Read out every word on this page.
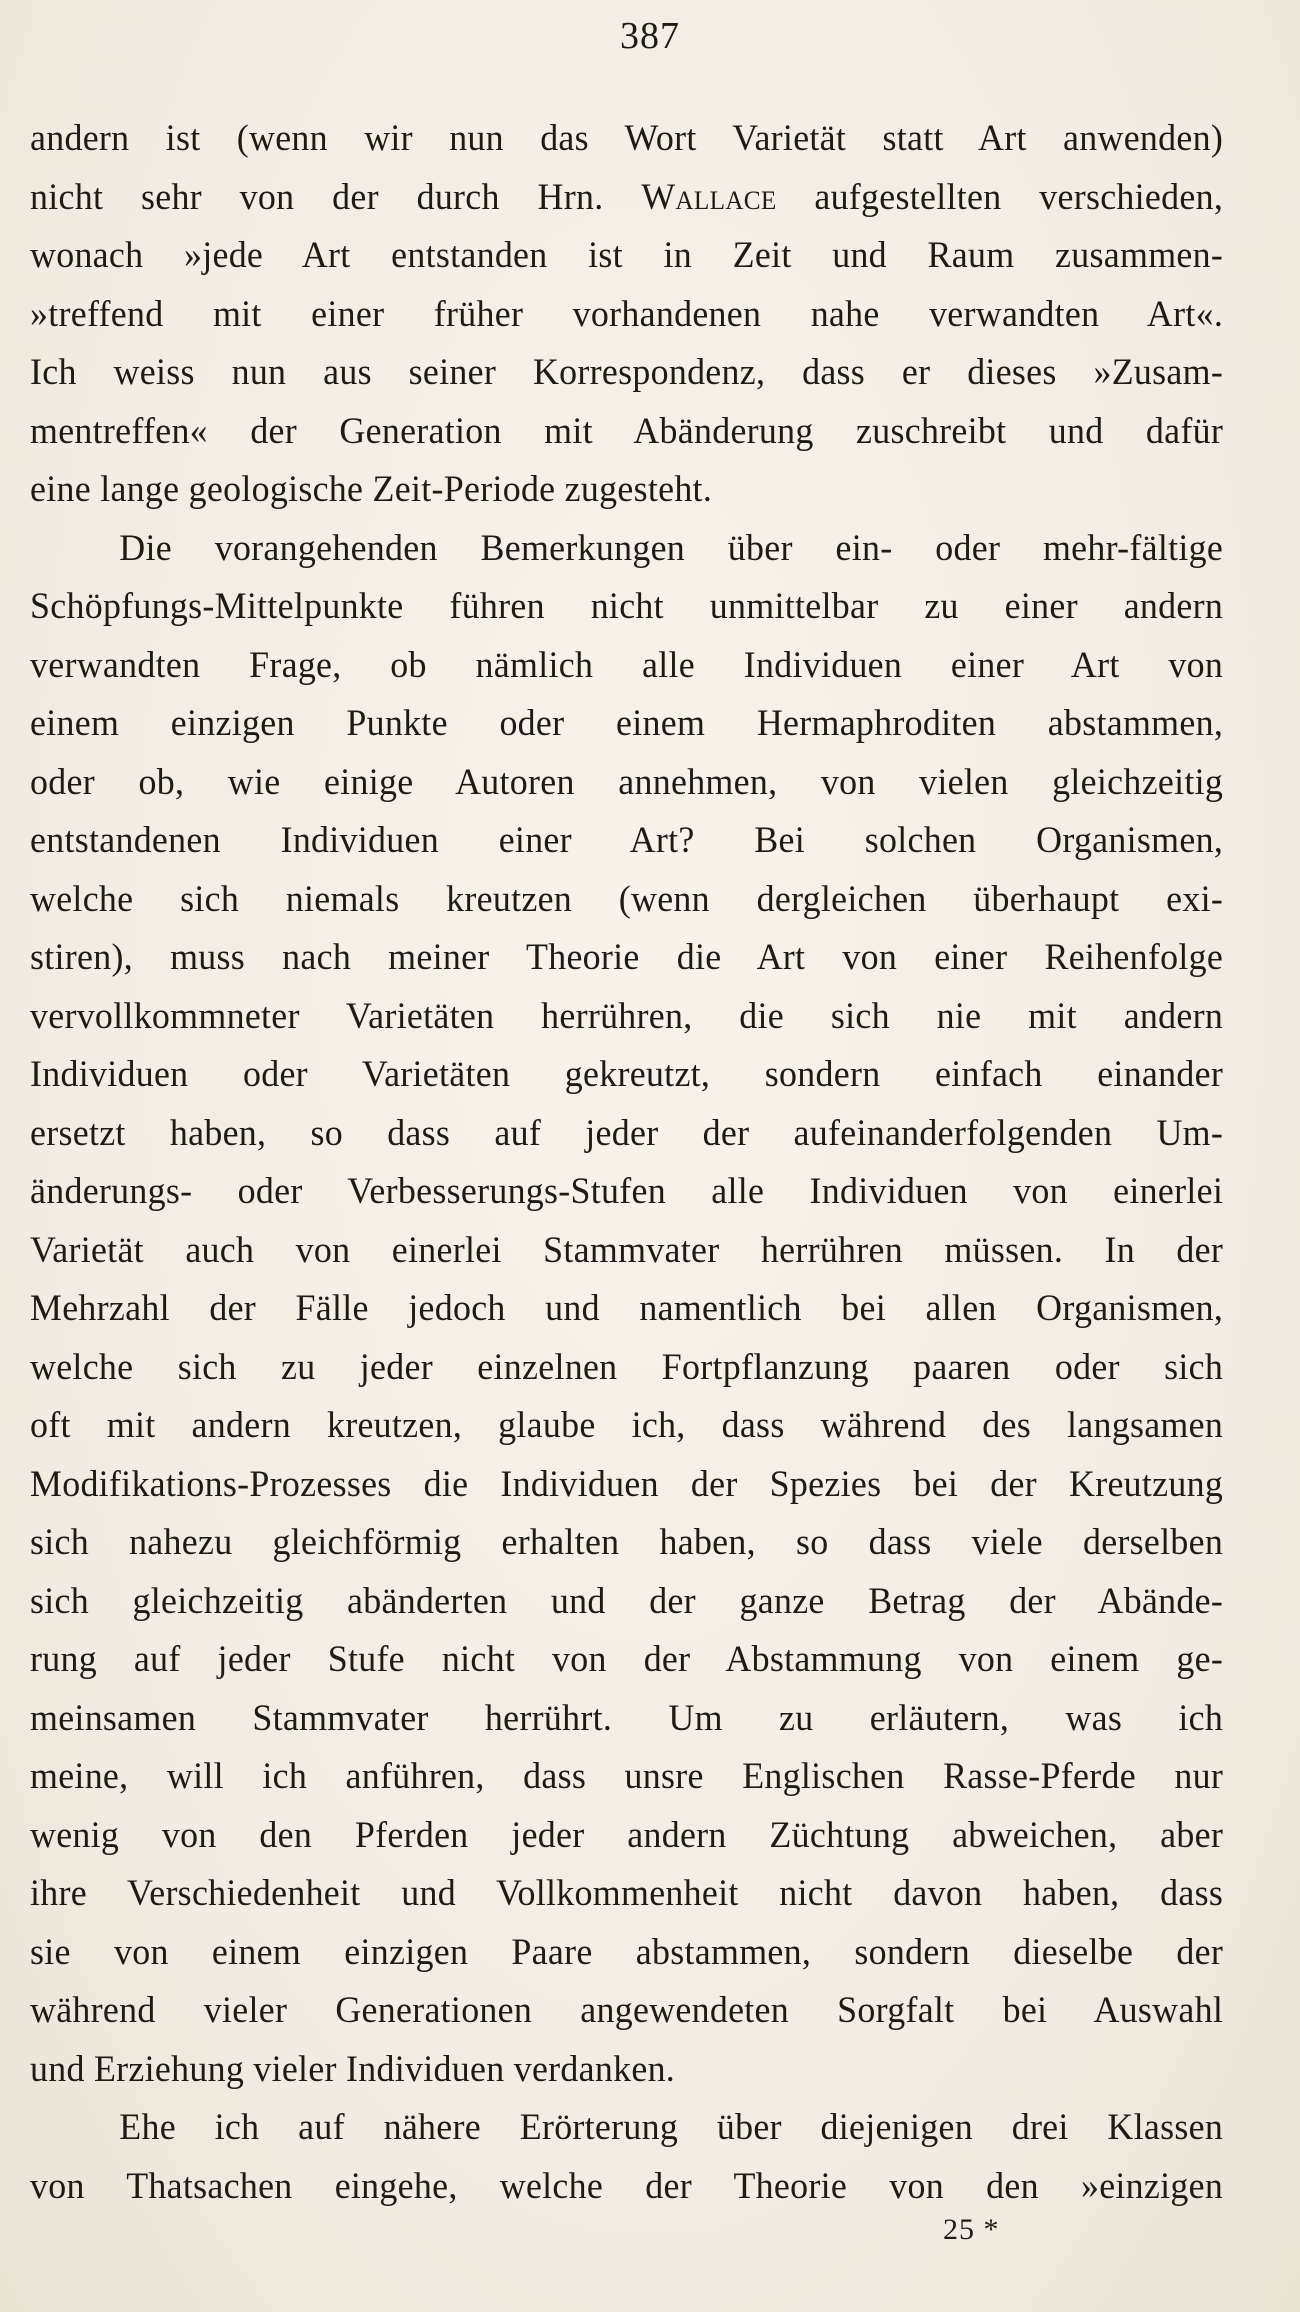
387
andern ist (wenn wir nun das Wort Varietät statt Art anwenden)
nicht sehr von der durch Hrn. Wallace aufgestellten verschieden,
wonach »jede Art entstanden ist in Zeit und Raum zusammen-
»treffend mit einer früher vorhandenen nahe verwandten Art«.
Ich weiss nun aus seiner Korrespondenz, dass er dieses »Zusam-
mentreffen« der Generation mit Abänderung zuschreibt und dafür
eine lange geologische Zeit-Periode zugesteht.
Die vorangehenden Bemerkungen über ein- oder mehr-fältige
Schöpfungs-Mittelpunkte führen nicht unmittelbar zu einer andern
verwandten Frage, ob nämlich alle Individuen einer Art von
einem einzigen Punkte oder einem Hermaphroditen abstammen,
oder ob, wie einige Autoren annehmen, von vielen gleichzeitig
entstandenen Individuen einer Art? Bei solchen Organismen,
welche sich niemals kreutzen (wenn dergleichen überhaupt exi-
stiren), muss nach meiner Theorie die Art von einer Reihenfolge
vervollkommneter Varietäten herrühren, die sich nie mit andern
Individuen oder Varietäten gekreutzt, sondern einfach einander
ersetzt haben, so dass auf jeder der aufeinanderfolgenden Um-
änderungs- oder Verbesserungs-Stufen alle Individuen von einerlei
Varietät auch von einerlei Stammvater herrühren müssen. In der
Mehrzahl der Fälle jedoch und namentlich bei allen Organismen,
welche sich zu jeder einzelnen Fortpflanzung paaren oder sich
oft mit andern kreutzen, glaube ich, dass während des langsamen
Modifikations-Prozesses die Individuen der Spezies bei der Kreutzung
sich nahezu gleichförmig erhalten haben, so dass viele derselben
sich gleichzeitig abänderten und der ganze Betrag der Abände-
rung auf jeder Stufe nicht von der Abstammung von einem ge-
meinsamen Stammvater herrührt. Um zu erläutern, was ich
meine, will ich anführen, dass unsre Englischen Rasse-Pferde nur
wenig von den Pferden jeder andern Züchtung abweichen, aber
ihre Verschiedenheit und Vollkommenheit nicht davon haben, dass
sie von einem einzigen Paare abstammen, sondern dieselbe der
während vieler Generationen angewendeten Sorgfalt bei Auswahl
und Erziehung vieler Individuen verdanken.
Ehe ich auf nähere Erörterung über diejenigen drei Klassen
von Thatsachen eingehe, welche der Theorie von den »einzigen
25 *
